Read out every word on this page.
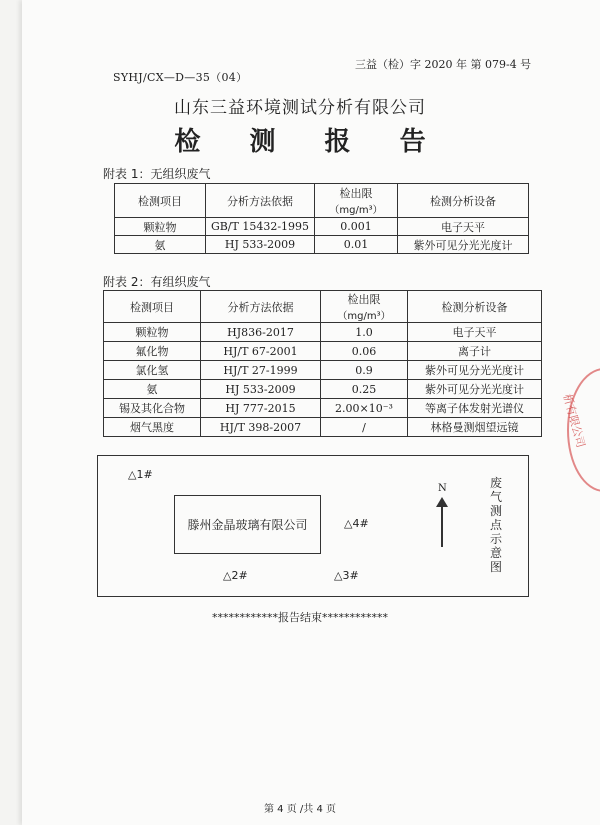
三益（检）字 2020 年 第 079-4 号
SYHJ/CX—D—35（04）
山东三益环境测试分析有限公司
检 测 报 告
附表 1：无组织废气
检测项目	分析方法依据	检出限
（mg/m³）	检测分析设备
颗粒物	GB/T 15432-1995	0.001	电子天平
氨	HJ 533-2009	0.01	紫外可见分光光度计
附表 2：有组织废气
检测项目	分析方法依据	检出限
（mg/m³）	检测分析设备
颗粒物	HJ836-2017	1.0	电子天平
氟化物	HJ/T 67-2001	0.06	离子计
氯化氢	HJ/T 27-1999	0.9	紫外可见分光光度计
氨	HJ 533-2009	0.25	紫外可见分光光度计
锡及其化合物	HJ 777-2015	2.00×10⁻³	等离子体发射光谱仪
烟气黑度	HJ/T 398-2007	/	林格曼测烟望远镜
△1#
滕州金晶玻璃有限公司	△4#
△2#	△3#
N	废气测点示意图
************报告结束************
第 4 页 /共 4 页
析有限公司
